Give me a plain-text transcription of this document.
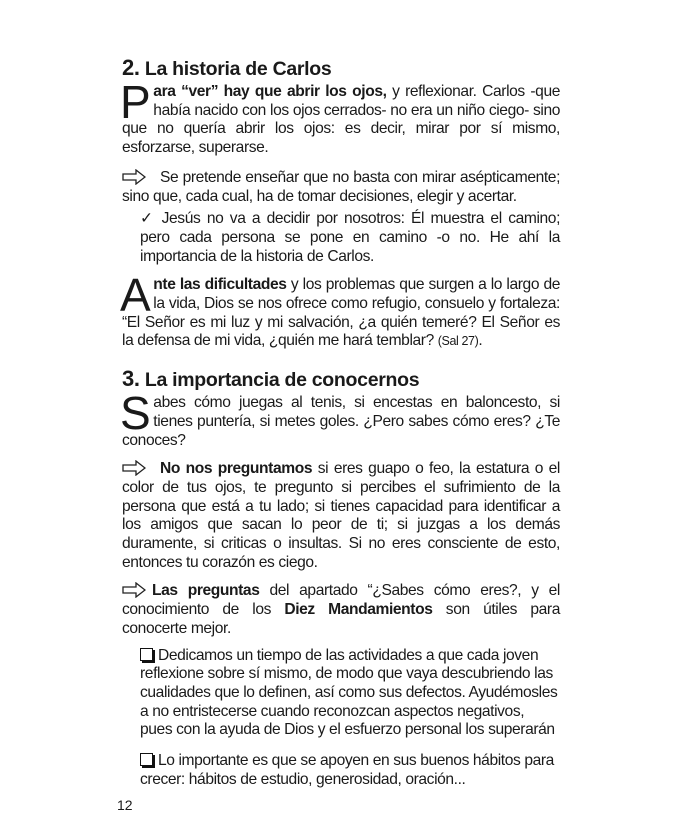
2. La historia de Carlos
Para “ver” hay que abrir los ojos, y reflexionar. Carlos -que había nacido con los ojos cerrados- no era un niño ciego- sino que no quería abrir los ojos: es decir, mirar por sí mismo, esforzarse, superarse.
Se pretende enseñar que no basta con mirar asépticamente; sino que, cada cual, ha de tomar decisiones, elegir y acertar.
✓ Jesús no va a decidir por nosotros: Él muestra el camino; pero cada persona se pone en camino -o no. He ahí la importancia de la historia de Carlos.
Ante las dificultades y los problemas que surgen a lo largo de la vida, Dios se nos ofrece como refugio, consuelo y fortaleza: “El Señor es mi luz y mi salvación, ¿a quién temeré? El Señor es la defensa de mi vida, ¿quién me hará temblar? (Sal 27).
3. La importancia de conocernos
Sabes cómo juegas al tenis, si encestas en baloncesto, si tienes puntería, si metes goles. ¿Pero sabes cómo eres? ¿Te conoces?
No nos preguntamos si eres guapo o feo, la estatura o el color de tus ojos, te pregunto si percibes el sufrimiento de la persona que está a tu lado; si tienes capacidad para identificar a los amigos que sacan lo peor de ti; si juzgas a los demás duramente, si criticas o insultas. Si no eres consciente de esto, entonces tu corazón es ciego.
Las preguntas del apartado “¿Sabes cómo eres?, y el conocimiento de los Diez Mandamientos son útiles para conocerte mejor.
Dedicamos un tiempo de las actividades a que cada joven reflexione sobre sí mismo, de modo que vaya descubriendo las cualidades que lo definen, así como sus defectos. Ayudémosles a no entristecerse cuando reconozcan aspectos negativos, pues con la ayuda de Dios y el esfuerzo personal los superarán
Lo importante es que se apoyen en sus buenos hábitos para crecer: hábitos de estudio, generosidad, oración...
12
